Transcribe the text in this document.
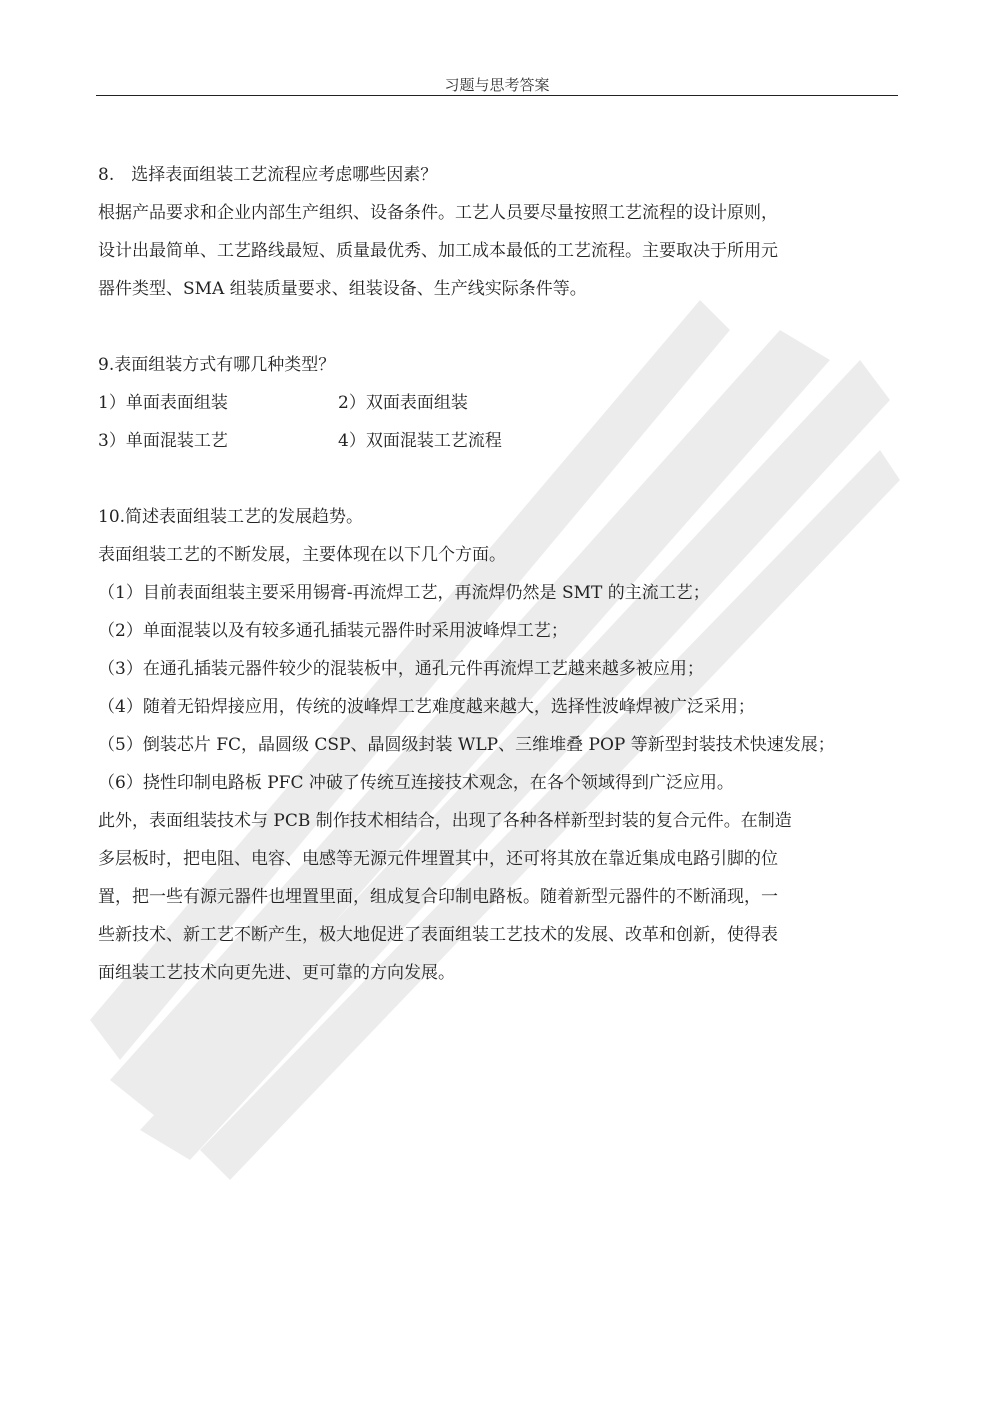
习题与思考答案
8.　选择表面组装工艺流程应考虑哪些因素？
根据产品要求和企业内部生产组织、设备条件。工艺人员要尽量按照工艺流程的设计原则，
设计出最简单、工艺路线最短、质量最优秀、加工成本最低的工艺流程。主要取决于所用元
器件类型、SMA 组装质量要求、组装设备、生产线实际条件等。
9.表面组装方式有哪几种类型？
1）单面表面组装	2）双面表面组装
3）单面混装工艺	4）双面混装工艺流程
10.简述表面组装工艺的发展趋势。
表面组装工艺的不断发展，主要体现在以下几个方面。
（1）目前表面组装主要采用锡膏-再流焊工艺，再流焊仍然是 SMT 的主流工艺；
（2）单面混装以及有较多通孔插装元器件时采用波峰焊工艺；
（3）在通孔插装元器件较少的混装板中，通孔元件再流焊工艺越来越多被应用；
（4）随着无铅焊接应用，传统的波峰焊工艺难度越来越大，选择性波峰焊被广泛采用；
（5）倒装芯片 FC，晶圆级 CSP、晶圆级封装 WLP、三维堆叠 POP 等新型封装技术快速发展；
（6）挠性印制电路板 PFC 冲破了传统互连接技术观念，在各个领域得到广泛应用。
此外，表面组装技术与 PCB 制作技术相结合，出现了各种各样新型封装的复合元件。在制造
多层板时，把电阻、电容、电感等无源元件埋置其中，还可将其放在靠近集成电路引脚的位
置，把一些有源元器件也埋置里面，组成复合印制电路板。随着新型元器件的不断涌现，一
些新技术、新工艺不断产生，极大地促进了表面组装工艺技术的发展、改革和创新，使得表
面组装工艺技术向更先进、更可靠的方向发展。
